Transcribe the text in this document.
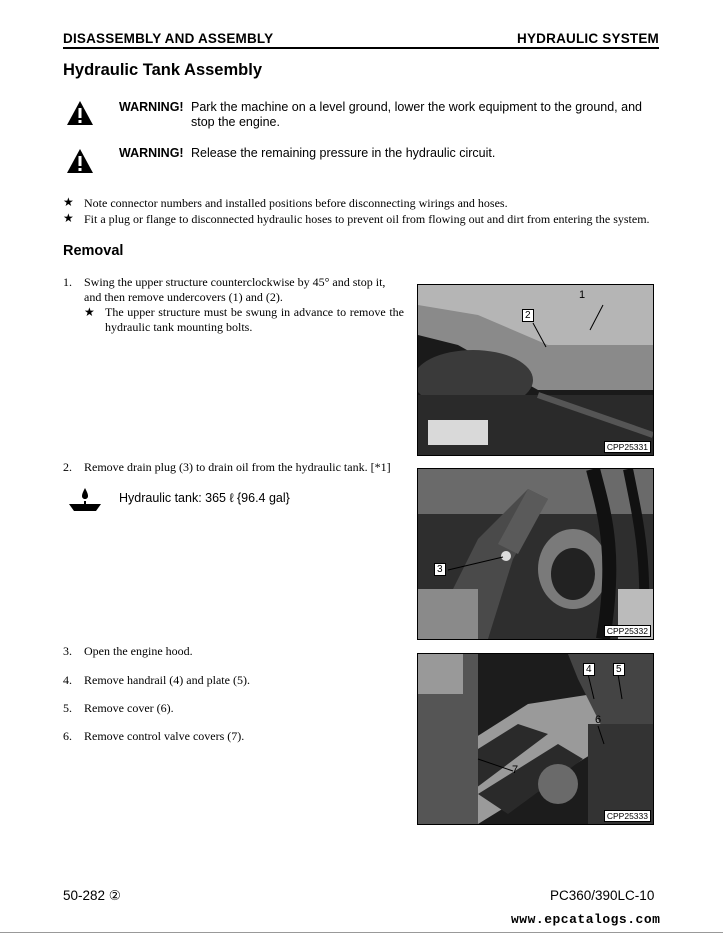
DISASSEMBLY AND ASSEMBLY	HYDRAULIC SYSTEM
Hydraulic Tank Assembly
WARNING! Park the machine on a level ground, lower the work equipment to the ground, and stop the engine.
WARNING! Release the remaining pressure in the hydraulic circuit.
★ Note connector numbers and installed positions before disconnecting wirings and hoses.
★ Fit a plug or flange to disconnected hydraulic hoses to prevent oil from flowing out and dirt from entering the system.
Removal
1. Swing the upper structure counterclockwise by 45° and stop it, and then remove undercovers (1) and (2).
★ The upper structure must be swung in advance to remove the hydraulic tank mounting bolts.
1
2
CPP25331
2. Remove drain plug (3) to drain oil from the hydraulic tank. [*1]
Hydraulic tank: 365 ℓ {96.4 gal}
3
CPP25332
3. Open the engine hood.
4. Remove handrail (4) and plate (5).
5. Remove cover (6).
6. Remove control valve covers (7).
4	5
6
7
CPP25333
50-282 ②	PC360/390LC-10
www.epcatalogs.com
